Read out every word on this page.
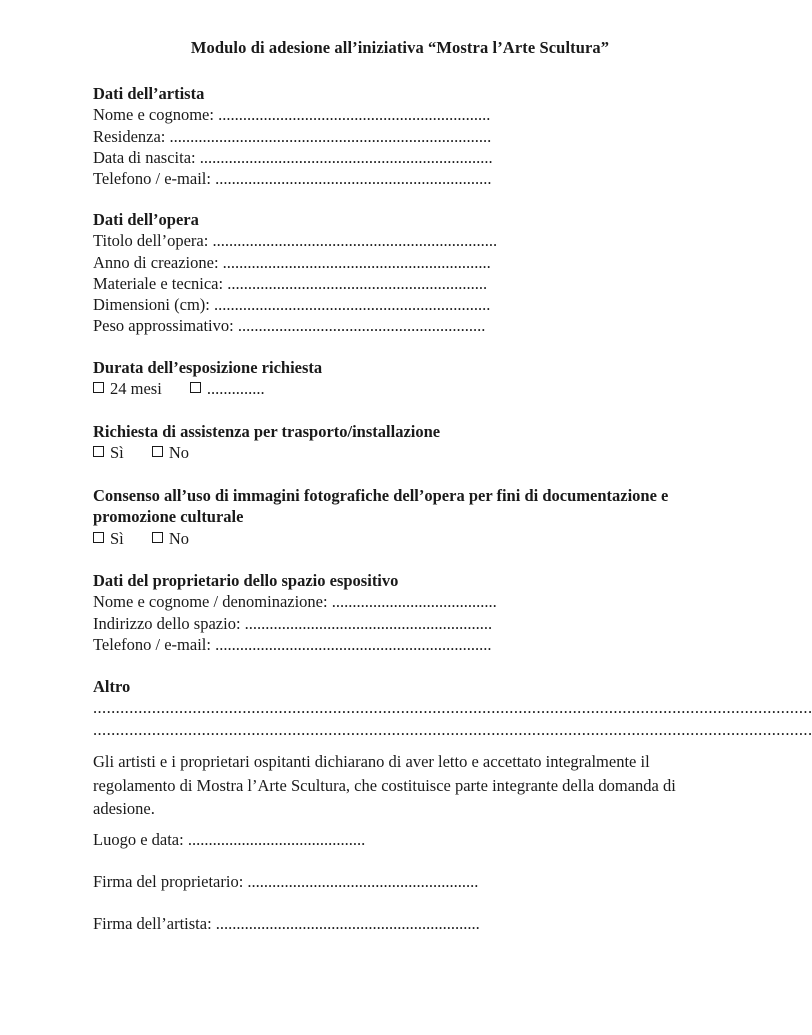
Modulo di adesione all’iniziativa “Mostra l’Arte Scultura”

Dati dell’artista

Nome e cognome: ..................................................................

Residenza: ..............................................................................

Data di nascita: .......................................................................

Telefono / e-mail: ...................................................................

Dati dell’opera

Titolo dell’opera: .....................................................................

Anno di creazione: .................................................................

Materiale e tecnica: ...............................................................

Dimensioni (cm): ...................................................................

Peso approssimativo: ............................................................

Durata dell’esposizione richiesta

24 mesi	..............

Richiesta di assistenza per trasporto/installazione

Sì	No

Consenso all’uso di immagini fotografiche dell’opera per fini di documentazione e

promozione culturale

Sì	No

Dati del proprietario dello spazio espositivo

Nome e cognome / denominazione: ........................................

Indirizzo dello spazio: ............................................................

Telefono / e-mail: ...................................................................

Altro

...............................................................................................................................................................
...............................................................................................................................................................

Gli artisti e i proprietari ospitanti dichiarano di aver letto e accettato integralmente il regolamento di Mostra l’Arte Scultura, che costituisce parte integrante della domanda di adesione.

Luogo e data: ...........................................

Firma del proprietario: ........................................................

Firma dell’artista: ................................................................
